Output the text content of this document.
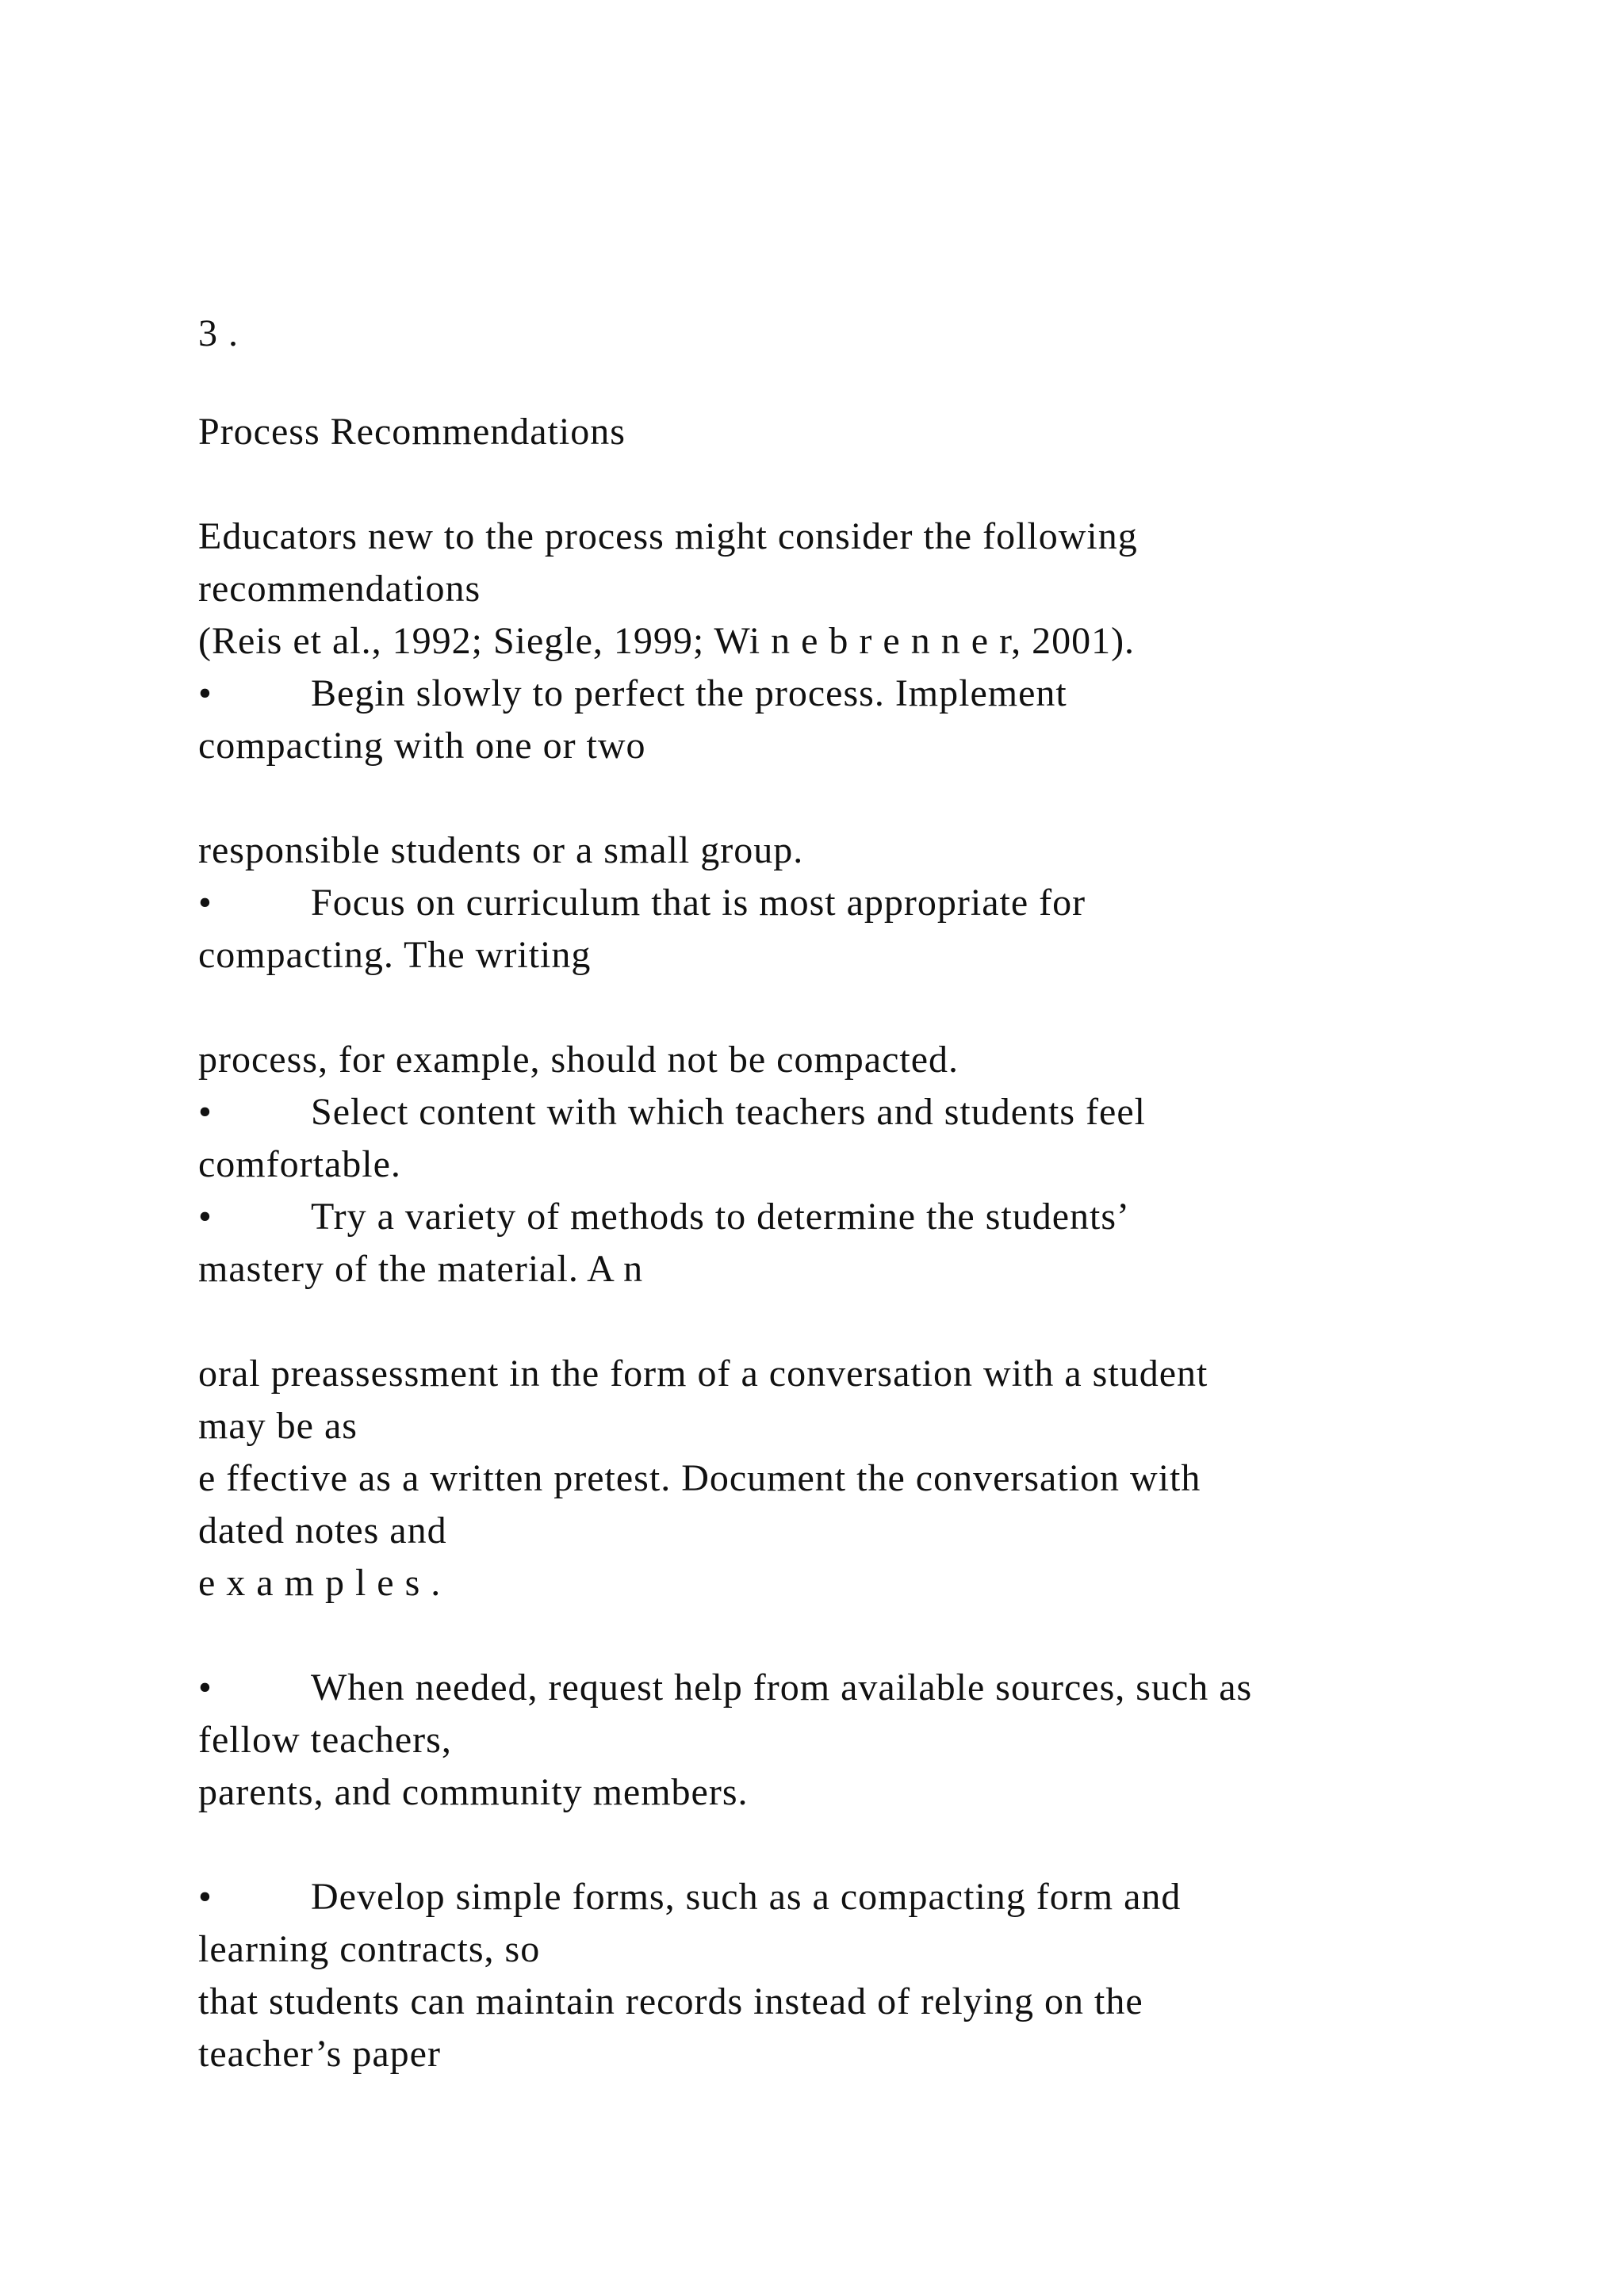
3 .

Process Recommendations

Educators new to the process might consider the following

recommendations

(Reis et al., 1992; Siegle, 1999; Wi n e b r e n n e r, 2001).

•	Begin slowly to perfect the process. Implement

compacting with one or two

responsible students or a small group.

•	Focus on curriculum that is most appropriate for

compacting. The writing

process, for example, should not be compacted.

•	Select content with which teachers and students feel

comfortable.

•	Try a variety of methods to determine the students’

mastery of the material. A n

oral preassessment in the form of a conversation with a student

may be as

e ffective as a written pretest. Document the conversation with

dated notes and

e x a m p l e s .

•	When needed, request help from available sources, such as

fellow teachers,

parents, and community members.

•	Develop simple forms, such as a compacting form and

learning contracts, so

that students can maintain records instead of relying on the

teacher’s paper
